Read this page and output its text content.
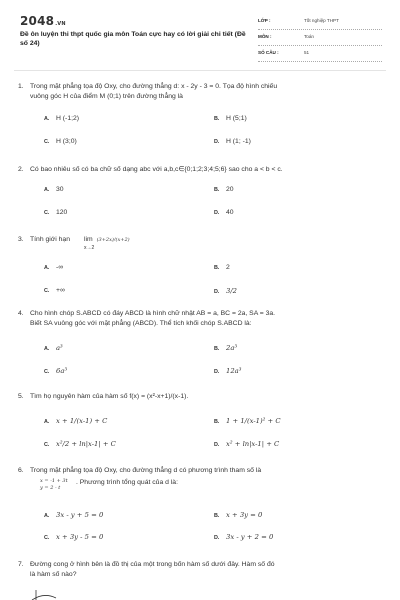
2048.VN
Đề ôn luyện thi thpt quốc gia môn Toán cực hay có lời giải chi tiết (Đề số 24)
LỚP :	Tốt nghiệp THPT
MÔN :	Toán
SỐ CÂU :	51
1. Trong mặt phẳng tọa độ Oxy, cho đường thẳng d: x - 2y - 3 = 0. Tọa độ hình chiếu
vuông góc H của điểm M (0;1) trên đường thẳng là
A. H (-1;2)	B. H (5;1)
C. H (3;0)	D. H (1; -1)
2. Có bao nhiêu số có ba chữ số dạng abc với a,b,c∈{0;1;2;3;4;5;6} sao cho a < b < c.
A. 30	B. 20
C. 120	D. 40
3. Tính giới hạn lim
x→2
(3+2x)/(x+2)
A. -∞	B. 2
C. +∞	D. 3/2
4. Cho hình chóp S.ABCD có đáy ABCD là hình chữ nhật AB = a, BC = 2a, SA = 3a.
Biết SA vuông góc với mặt phẳng (ABCD). Thể tích khối chóp S.ABCD là:
A. a³	B. 2a³
C. 6a³	D. 12a³
5. Tìm họ nguyên hàm của hàm số f(x) = (x²-x+1)/(x-1).
A. x + 1/(x-1) + C	B. 1 + 1/(x-1)² + C
C. x²/2 + ln|x-1| + C	D. x² + ln|x-1| + C
6. Trong mặt phẳng tọa độ Oxy, cho đường thẳng d có phương trình tham số là
x = -1 + 3t
y = 2 - t
. Phương trình tổng quát của d là:
A. 3x - y + 5 = 0	B. x + 3y = 0
C. x + 3y - 5 = 0	D. 3x - y + 2 = 0
7. Đường cong ở hình bên là đồ thị của một trong bốn hàm số dưới đây. Hàm số đó
là hàm số nào?
